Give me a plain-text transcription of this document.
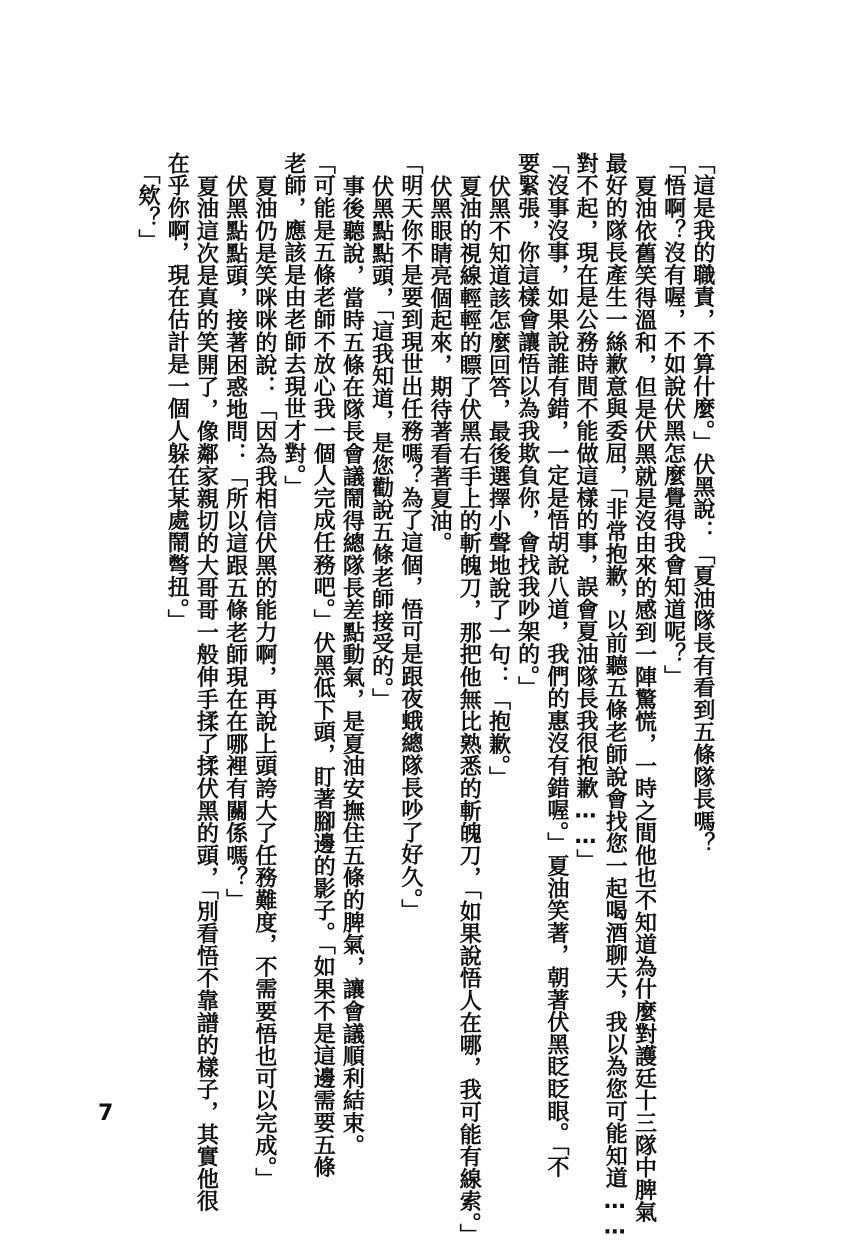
「這是我的職責，不算什麼。」伏黑說：「夏油隊長有看到五條隊長嗎？
「悟啊？沒有喔，不如說伏黑怎麼覺得我會知道呢？」
夏油依舊笑得溫和，但是伏黑就是沒由來的感到一陣驚慌，一時之間他也不知道為什麼對護廷十三隊中脾氣
最好的隊長產生一絲歉意與委屈，「非常抱歉，以前聽五條老師說會找您一起喝酒聊天，我以為您可能知道……
對不起，現在是公務時間不能做這樣的事，誤會夏油隊長我很抱歉……」
「沒事沒事，如果說誰有錯，一定是悟胡說八道，我們的惠沒有錯喔。」夏油笑著，朝著伏黑眨眨眼。「不
要緊張，你這樣會讓悟以為我欺負你，會找我吵架的。」
伏黑不知道該怎麼回答，最後選擇小聲地說了一句：「抱歉。」
夏油的視線輕輕的瞟了伏黑右手上的斬魄刀，那把他無比熟悉的斬魄刀，「如果說悟人在哪，我可能有線索。」
伏黑眼睛亮個起來，期待著看著夏油。
「明天你不是要到現世出任務嗎？為了這個，悟可是跟夜蛾總隊長吵了好久。」
伏黑點點頭，「這我知道，是您勸說五條老師接受的。」
事後聽說，當時五條在隊長會議鬧得總隊長差點動氣，是夏油安撫住五條的脾氣，讓會議順利結束。
「可能是五條老師不放心我一個人完成任務吧。」伏黑低下頭，盯著腳邊的影子。「如果不是這邊需要五條
老師，應該是由老師去現世才對。」
夏油仍是笑咪咪的說：「因為我相信伏黑的能力啊，再說上頭誇大了任務難度，不需要悟也可以完成。」
伏黑點點頭，接著困惑地問：「所以這跟五條老師現在在哪裡有關係嗎？」
夏油這次是真的笑開了，像鄰家親切的大哥哥一般伸手揉了揉伏黑的頭，「別看悟不靠譜的樣子，其實他很
在乎你啊，現在估計是一個人躲在某處鬧彆扭。」
「欸？」
7
